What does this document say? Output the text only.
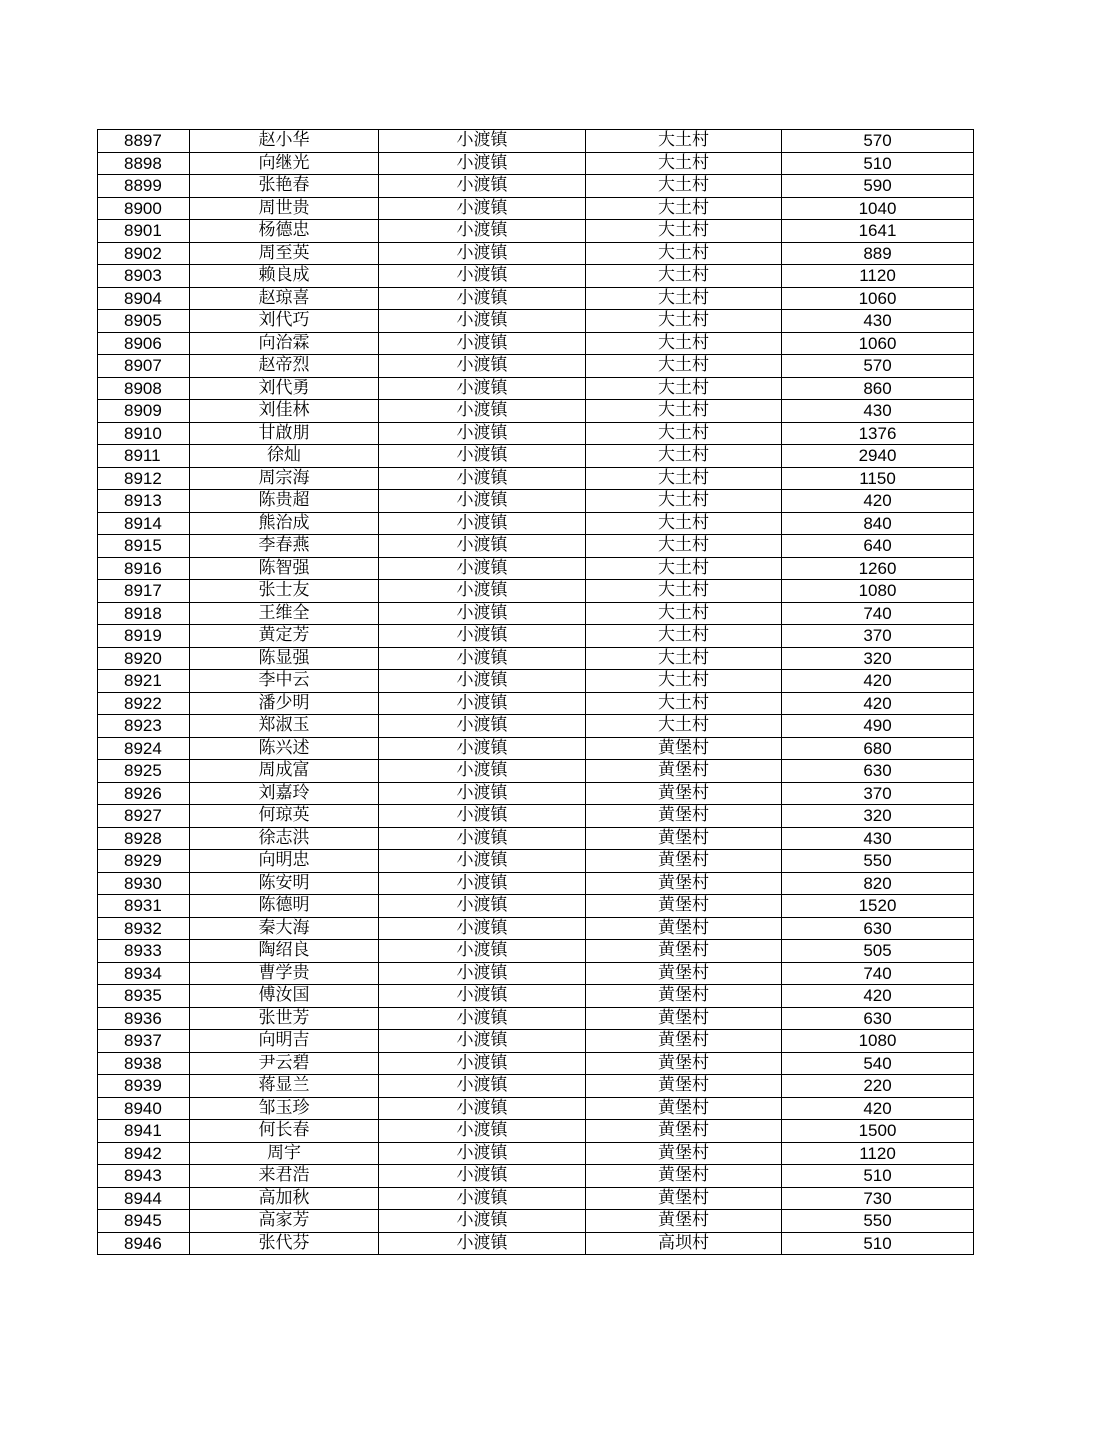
8897	赵小华	小渡镇	大土村	570
8898	向继光	小渡镇	大土村	510
8899	张艳春	小渡镇	大土村	590
8900	周世贵	小渡镇	大土村	1040
8901	杨德忠	小渡镇	大土村	1641
8902	周至英	小渡镇	大土村	889
8903	赖良成	小渡镇	大土村	1120
8904	赵琼喜	小渡镇	大土村	1060
8905	刘代巧	小渡镇	大土村	430
8906	向治霖	小渡镇	大土村	1060
8907	赵帝烈	小渡镇	大土村	570
8908	刘代勇	小渡镇	大土村	860
8909	刘佳林	小渡镇	大土村	430
8910	甘啟朋	小渡镇	大土村	1376
8911	徐灿	小渡镇	大土村	2940
8912	周宗海	小渡镇	大土村	1150
8913	陈贵超	小渡镇	大土村	420
8914	熊治成	小渡镇	大土村	840
8915	李春燕	小渡镇	大土村	640
8916	陈智强	小渡镇	大土村	1260
8917	张士友	小渡镇	大土村	1080
8918	王维全	小渡镇	大土村	740
8919	黄定芳	小渡镇	大土村	370
8920	陈显强	小渡镇	大土村	320
8921	李中云	小渡镇	大土村	420
8922	潘少明	小渡镇	大土村	420
8923	郑淑玉	小渡镇	大土村	490
8924	陈兴述	小渡镇	黄堡村	680
8925	周成富	小渡镇	黄堡村	630
8926	刘嘉玲	小渡镇	黄堡村	370
8927	何琼英	小渡镇	黄堡村	320
8928	徐志洪	小渡镇	黄堡村	430
8929	向明忠	小渡镇	黄堡村	550
8930	陈安明	小渡镇	黄堡村	820
8931	陈德明	小渡镇	黄堡村	1520
8932	秦大海	小渡镇	黄堡村	630
8933	陶绍良	小渡镇	黄堡村	505
8934	曹学贵	小渡镇	黄堡村	740
8935	傅汝国	小渡镇	黄堡村	420
8936	张世芳	小渡镇	黄堡村	630
8937	向明吉	小渡镇	黄堡村	1080
8938	尹云碧	小渡镇	黄堡村	540
8939	蒋显兰	小渡镇	黄堡村	220
8940	邹玉珍	小渡镇	黄堡村	420
8941	何长春	小渡镇	黄堡村	1500
8942	周宇	小渡镇	黄堡村	1120
8943	来君浩	小渡镇	黄堡村	510
8944	高加秋	小渡镇	黄堡村	730
8945	高家芳	小渡镇	黄堡村	550
8946	张代芬	小渡镇	高坝村	510
